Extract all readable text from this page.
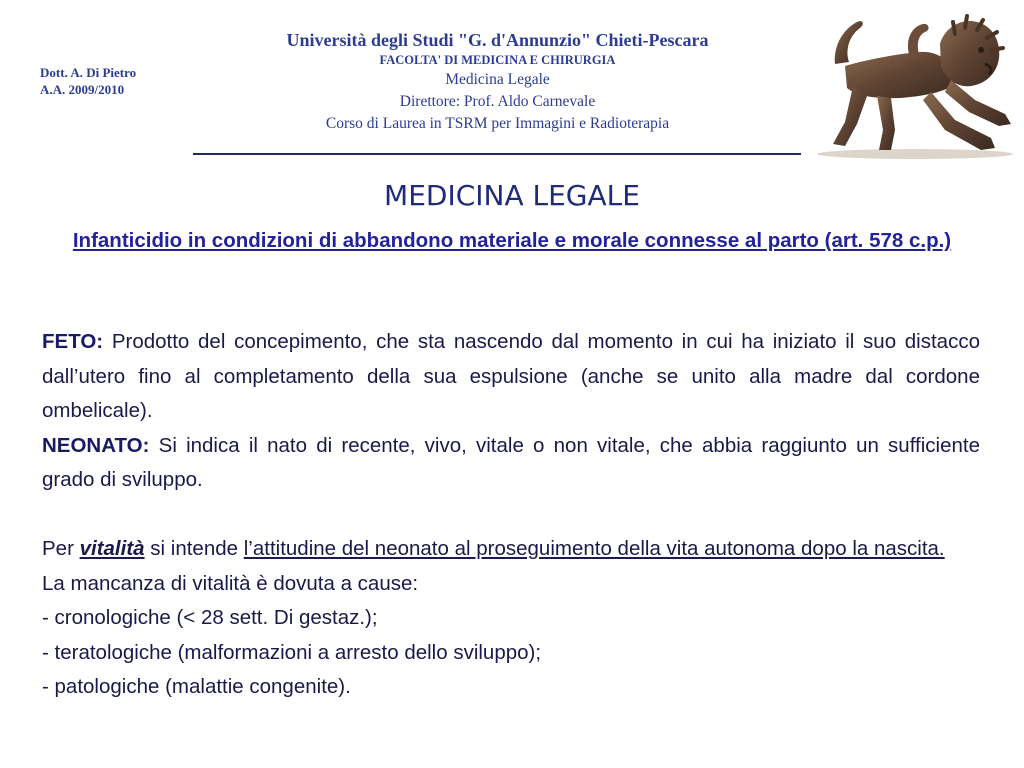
Dott. A. Di Pietro
A.A. 2009/2010
Università degli Studi "G. d'Annunzio" Chieti-Pescara
FACOLTA' DI MEDICINA E CHIRURGIA
Medicina Legale
Direttore: Prof. Aldo Carnevale
Corso di Laurea in TSRM per Immagini e Radioterapia
MEDICINA LEGALE
Infanticidio in condizioni di abbandono materiale e morale connesse al parto (art. 578 c.p.)
FETO: Prodotto del concepimento, che sta nascendo dal momento in cui ha iniziato il suo distacco dall’utero fino al completamento della sua espulsione (anche se unito alla madre dal cordone ombelicale).
NEONATO: Si indica il nato di recente, vivo, vitale o non vitale, che abbia raggiunto un sufficiente grado di sviluppo.
Per vitalità si intende l’attitudine del neonato al proseguimento della vita autonoma dopo la nascita.
La mancanza di vitalità è dovuta a cause:
- cronologiche (< 28 sett. Di gestaz.);
- teratologiche (malformazioni a arresto dello sviluppo);
- patologiche (malattie congenite).
